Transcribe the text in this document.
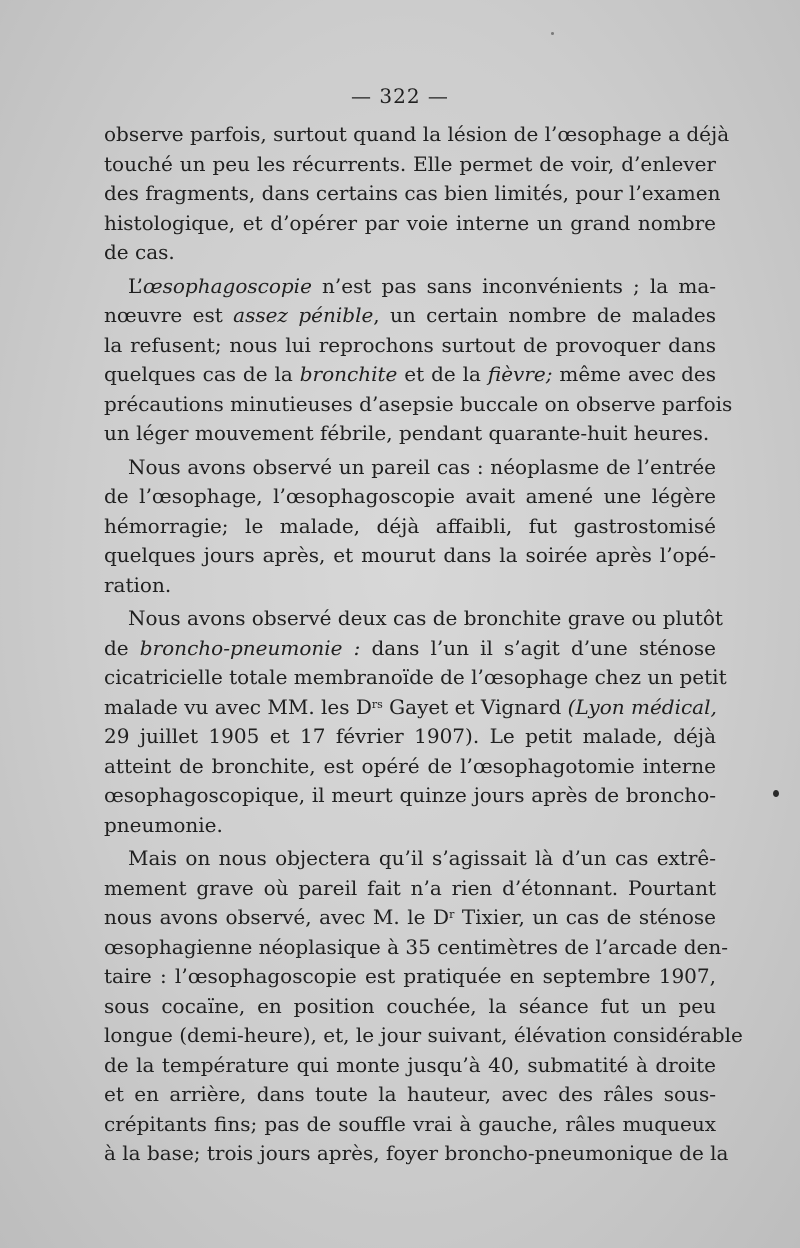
— 322 —
observe parfois, surtout quand la lésion de l’œsophage a déjà
touché un peu les récurrents. Elle permet de voir, d’enlever
des fragments, dans certains cas bien limités, pour l’examen
histologique, et d’opérer par voie interne un grand nombre
de cas.
L’œsophagoscopie n’est pas sans inconvénients ; la ma-
nœuvre est assez pénible, un certain nombre de malades
la refusent; nous lui reprochons surtout de provoquer dans
quelques cas de la bronchite et de la fièvre; même avec des
précautions minutieuses d’asepsie buccale on observe parfois
un léger mouvement fébrile, pendant quarante-huit heures.
Nous avons observé un pareil cas : néoplasme de l’entrée
de l’œsophage, l’œsophagoscopie avait amené une légère
hémorragie; le malade, déjà affaibli, fut gastrostomisé
quelques jours après, et mourut dans la soirée après l’opé-
ration.
Nous avons observé deux cas de bronchite grave ou plutôt
de broncho-pneumonie : dans l’un il s’agit d’une sténose
cicatricielle totale membranoïde de l’œsophage chez un petit
malade vu avec MM. les $D^{rs}$ Gayet et Vignard (Lyon médical,
29 juillet 1905 et 17 février 1907). Le petit malade, déjà
atteint de bronchite, est opéré de l’œsophagotomie interne
œsophagoscopique, il meurt quinze jours après de broncho-
pneumonie.
Mais on nous objectera qu’il s’agissait là d’un cas extrê-
mement grave où pareil fait n’a rien d’étonnant. Pourtant
nous avons observé, avec M. le $D^r$ Tixier, un cas de sténose
œsophagienne néoplasique à 35 centimètres de l’arcade den-
taire : l’œsophagoscopie est pratiquée en septembre 1907,
sous cocaïne, en position couchée, la séance fut un peu
longue (demi-heure), et, le jour suivant, élévation considérable
de la température qui monte jusqu’à 40, submatité à droite
et en arrière, dans toute la hauteur, avec des râles sous-
crépitants fins; pas de souffle vrai à gauche, râles muqueux
à la base; trois jours après, foyer broncho-pneumonique de la
